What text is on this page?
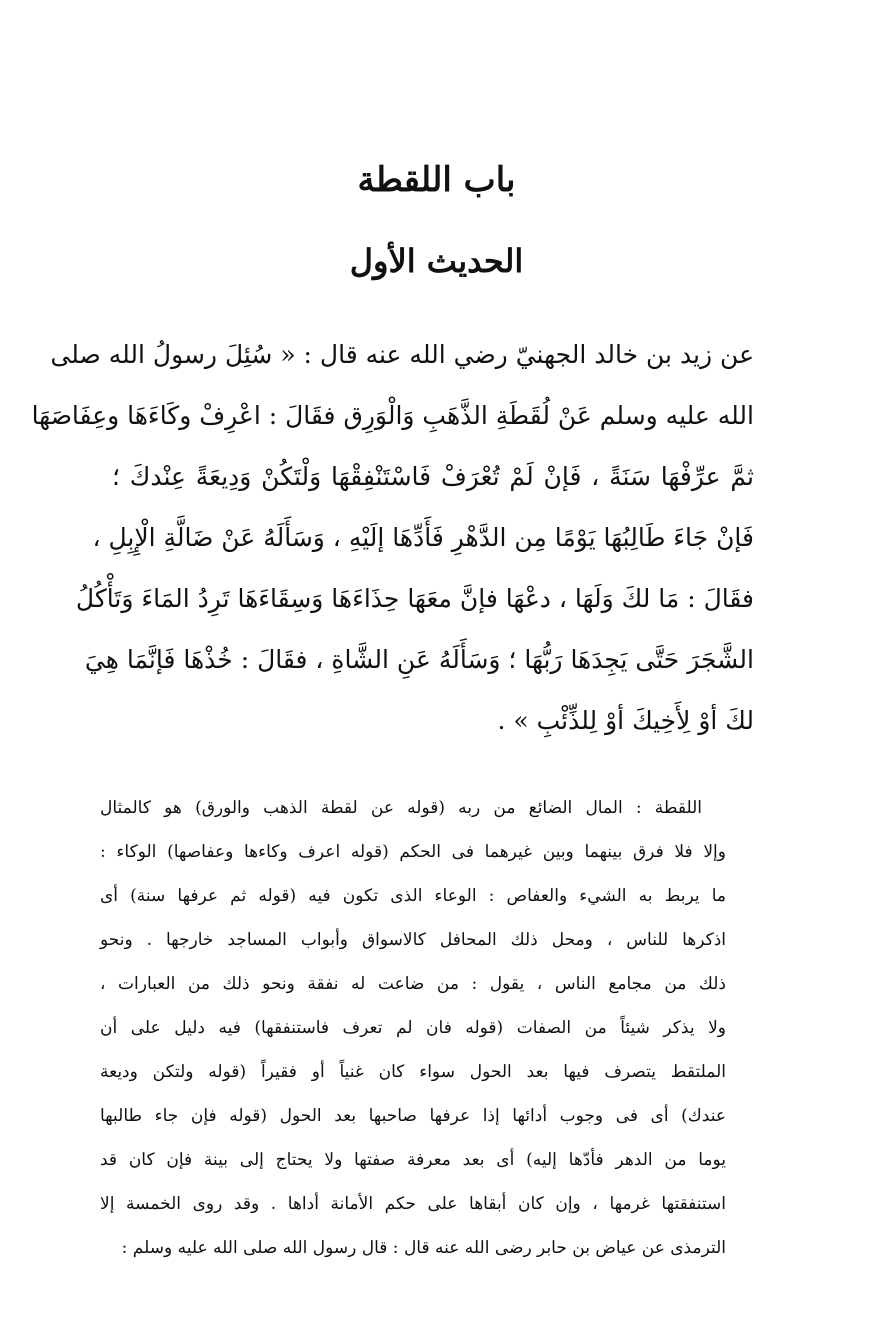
باب اللقطة
الحديث الأول
عن زيد بن خالد الجهنيّ رضي الله عنه قال : « سُئِلَ رسولُ الله صلى
الله عليه وسلم عَنْ لُقَطَةِ الذَّهَبِ وَالْوَرِق فقَالَ : اعْرِفْ وكَاءَهَا وعِفَاصَهَا
ثمَّ عرِّفْهَا سَنَةً ، فَإنْ لَمْ تُعْرَفْ فَاسْتَنْفِقْهَا وَلْتَكُنْ وَدِيعَةً عِنْدكَ ؛
فَإنْ جَاءَ طَالِبُهَا يَوْمًا مِن الدَّهْرِ فَأَدِّهَا إلَيْهِ ، وَسَأَلَهُ عَنْ ضَالَّةِ الْإِبِلِ ،
فقَالَ : مَا لكَ وَلَهَا ، دعْهَا فإنَّ معَهَا حِذَاءَهَا وَسِقَاءَهَا تَرِدُ المَاءَ وَتَأْكُلُ
الشَّجَرَ حَتَّى يَجِدَهَا رَبُّهَا ؛ وَسَأَلَهُ عَنِ الشَّاةِ ، فقَالَ : خُذْهَا فَإنَّمَا هِيَ
لكَ أوْ لِأَخِيكَ أوْ لِلذِّئْبِ » .
اللقطة : المال الضائع من ربه (قوله عن لقطة الذهب والورق) هو كالمثال
وإلا فلا فرق بينهما وبين غيرهما فى الحكم (قوله اعرف وكاءها وعفاصها) الوكاء :
ما يربط به الشيء والعفاص : الوعاء الذى تكون فيه (قوله ثم عرفها سنة) أى
اذكرها للناس ، ومحل ذلك المحافل كالاسواق وأبواب المساجد خارجها . ونحو
ذلك من مجامع الناس ، يقول : من ضاعت له نفقة ونحو ذلك من العبارات ،
ولا يذكر شيئاً من الصفات (قوله فان لم تعرف فاستنفقها) فيه دليل على أن
الملتقط يتصرف فيها بعد الحول سواء كان غنياً أو فقيراً (قوله ولتكن وديعة
عندك) أى فى وجوب أدائها إذا عرفها صاحبها بعد الحول (قوله فإن جاء طالبها
يوما من الدهر فأدّها إليه) أى بعد معرفة صفتها ولا يحتاج إلى بينة فإن كان قد
استنفقتها غرمها ، وإن كان أبقاها على حكم الأمانة أداها . وقد روى الخمسة إلا
الترمذى عن عياض بن حابر رضى الله عنه قال : قال رسول الله صلى الله عليه وسلم :
